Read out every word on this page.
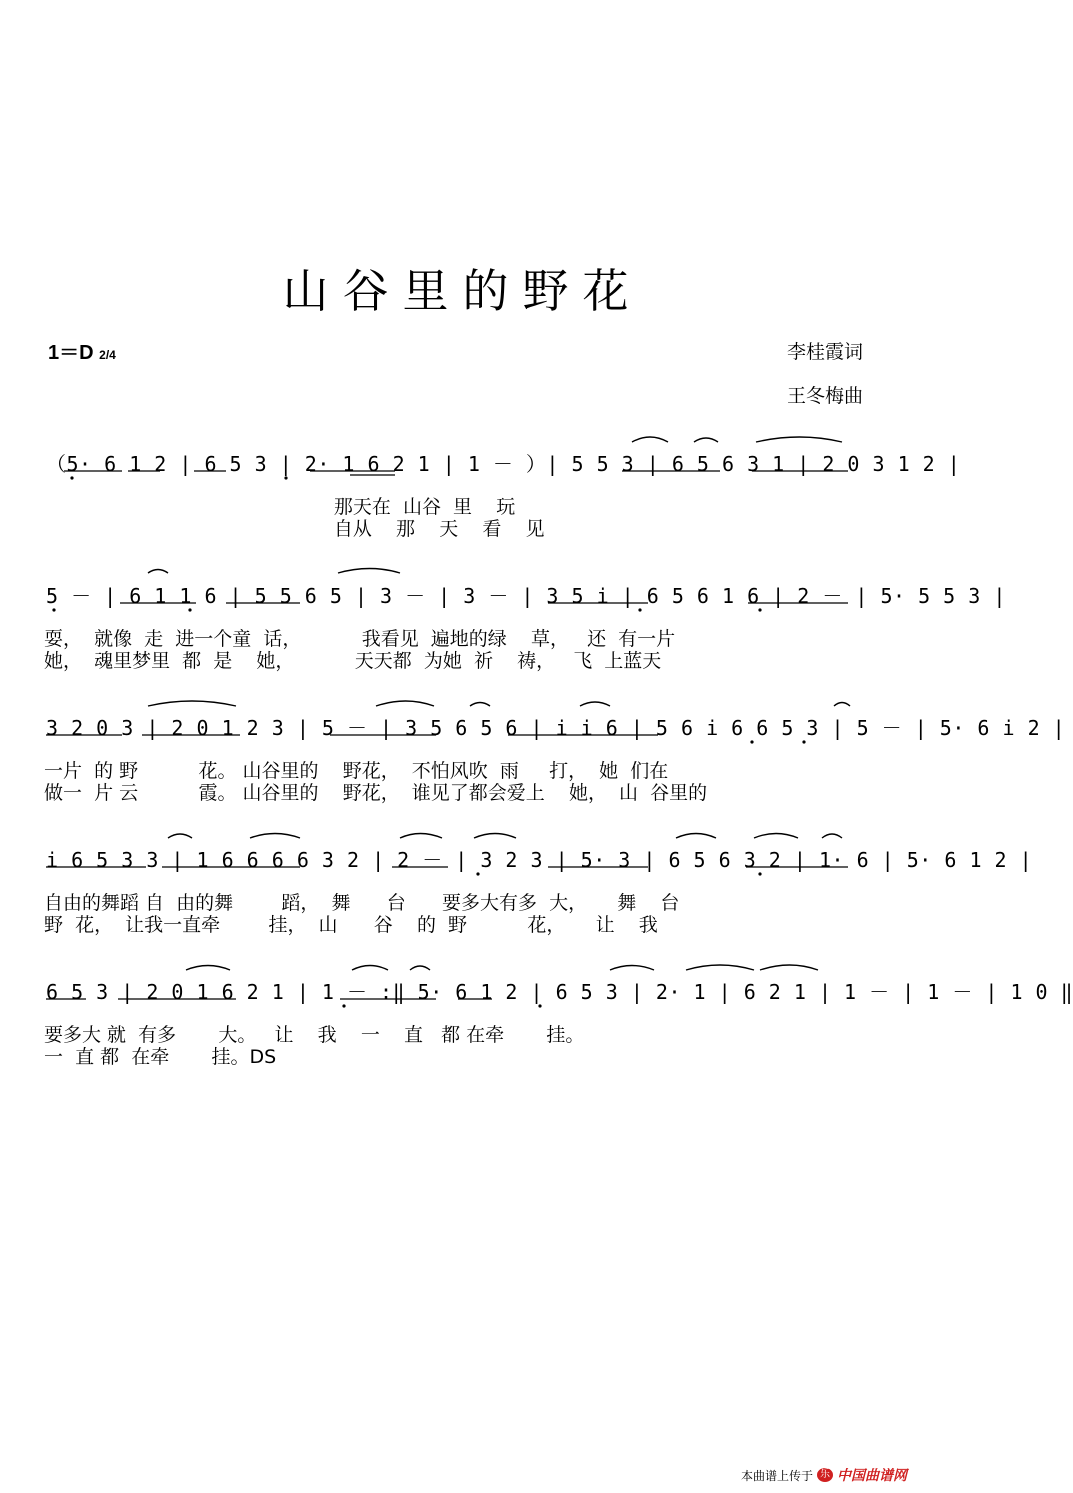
山谷里的野花
1＝D 2/4	李桂霞词
王冬梅曲
（5· 6 1 2 | 6 5 3 | 2· 1 6 2 1 | 1 － ）| 5 5 3 | 6 5 6 3 1 | 2 0 3 1 2 |
那天在  山谷  里    玩
自从    那    天    看    见
5 － | 6 1 1 6 | 5 5 6 5 | 3 － | 3 － | 3 5 i | 6 5 6 1 6 | 2 － | 5· 5 5 3 |
耍，  就像  走  进一个童  话，          我看见  遍地的绿    草，   还  有一片
她，  魂里梦里  都  是    她，          天天都  为她  祈    祷，   飞  上蓝天
3 2 0 3 | 2 0 1 2 3 | 5 － | 3 5 6 5 6 | i i 6 | 5 6 i 6 6 5 3 | 5 － | 5· 6 i 2 |
一片  的 野          花。 山谷里的    野花，  不怕风吹  雨     打，  她  们在
做一  片 云          霞。 山谷里的    野花，  谁见了都会爱上    她，  山  谷里的
i 6 5 3 3 | 1 6 6 6 6 3 2 | 2 － | 3 2 3 | 5· 3 | 6 5 6 3 2 | 1· 6 | 5· 6 1 2 |
自由的舞蹈 自  由的舞        蹈，  舞      台      要多大有多  大，     舞    台
野  花，  让我一直牵        挂，  山      谷    的  野          花，     让    我
6 5 3 | 2 0 1 6 2 1 | 1 － :‖ 5· 6 1 2 | 6 5 3 | 2· 1 | 6 2 1 | 1 － | 1 － | 1 0 ‖
要多大 就  有多       大。   让    我    一    直   都 在牵       挂。
一  直 都  在牵       挂。DS
本曲谱上传于 乐 中国曲谱网
